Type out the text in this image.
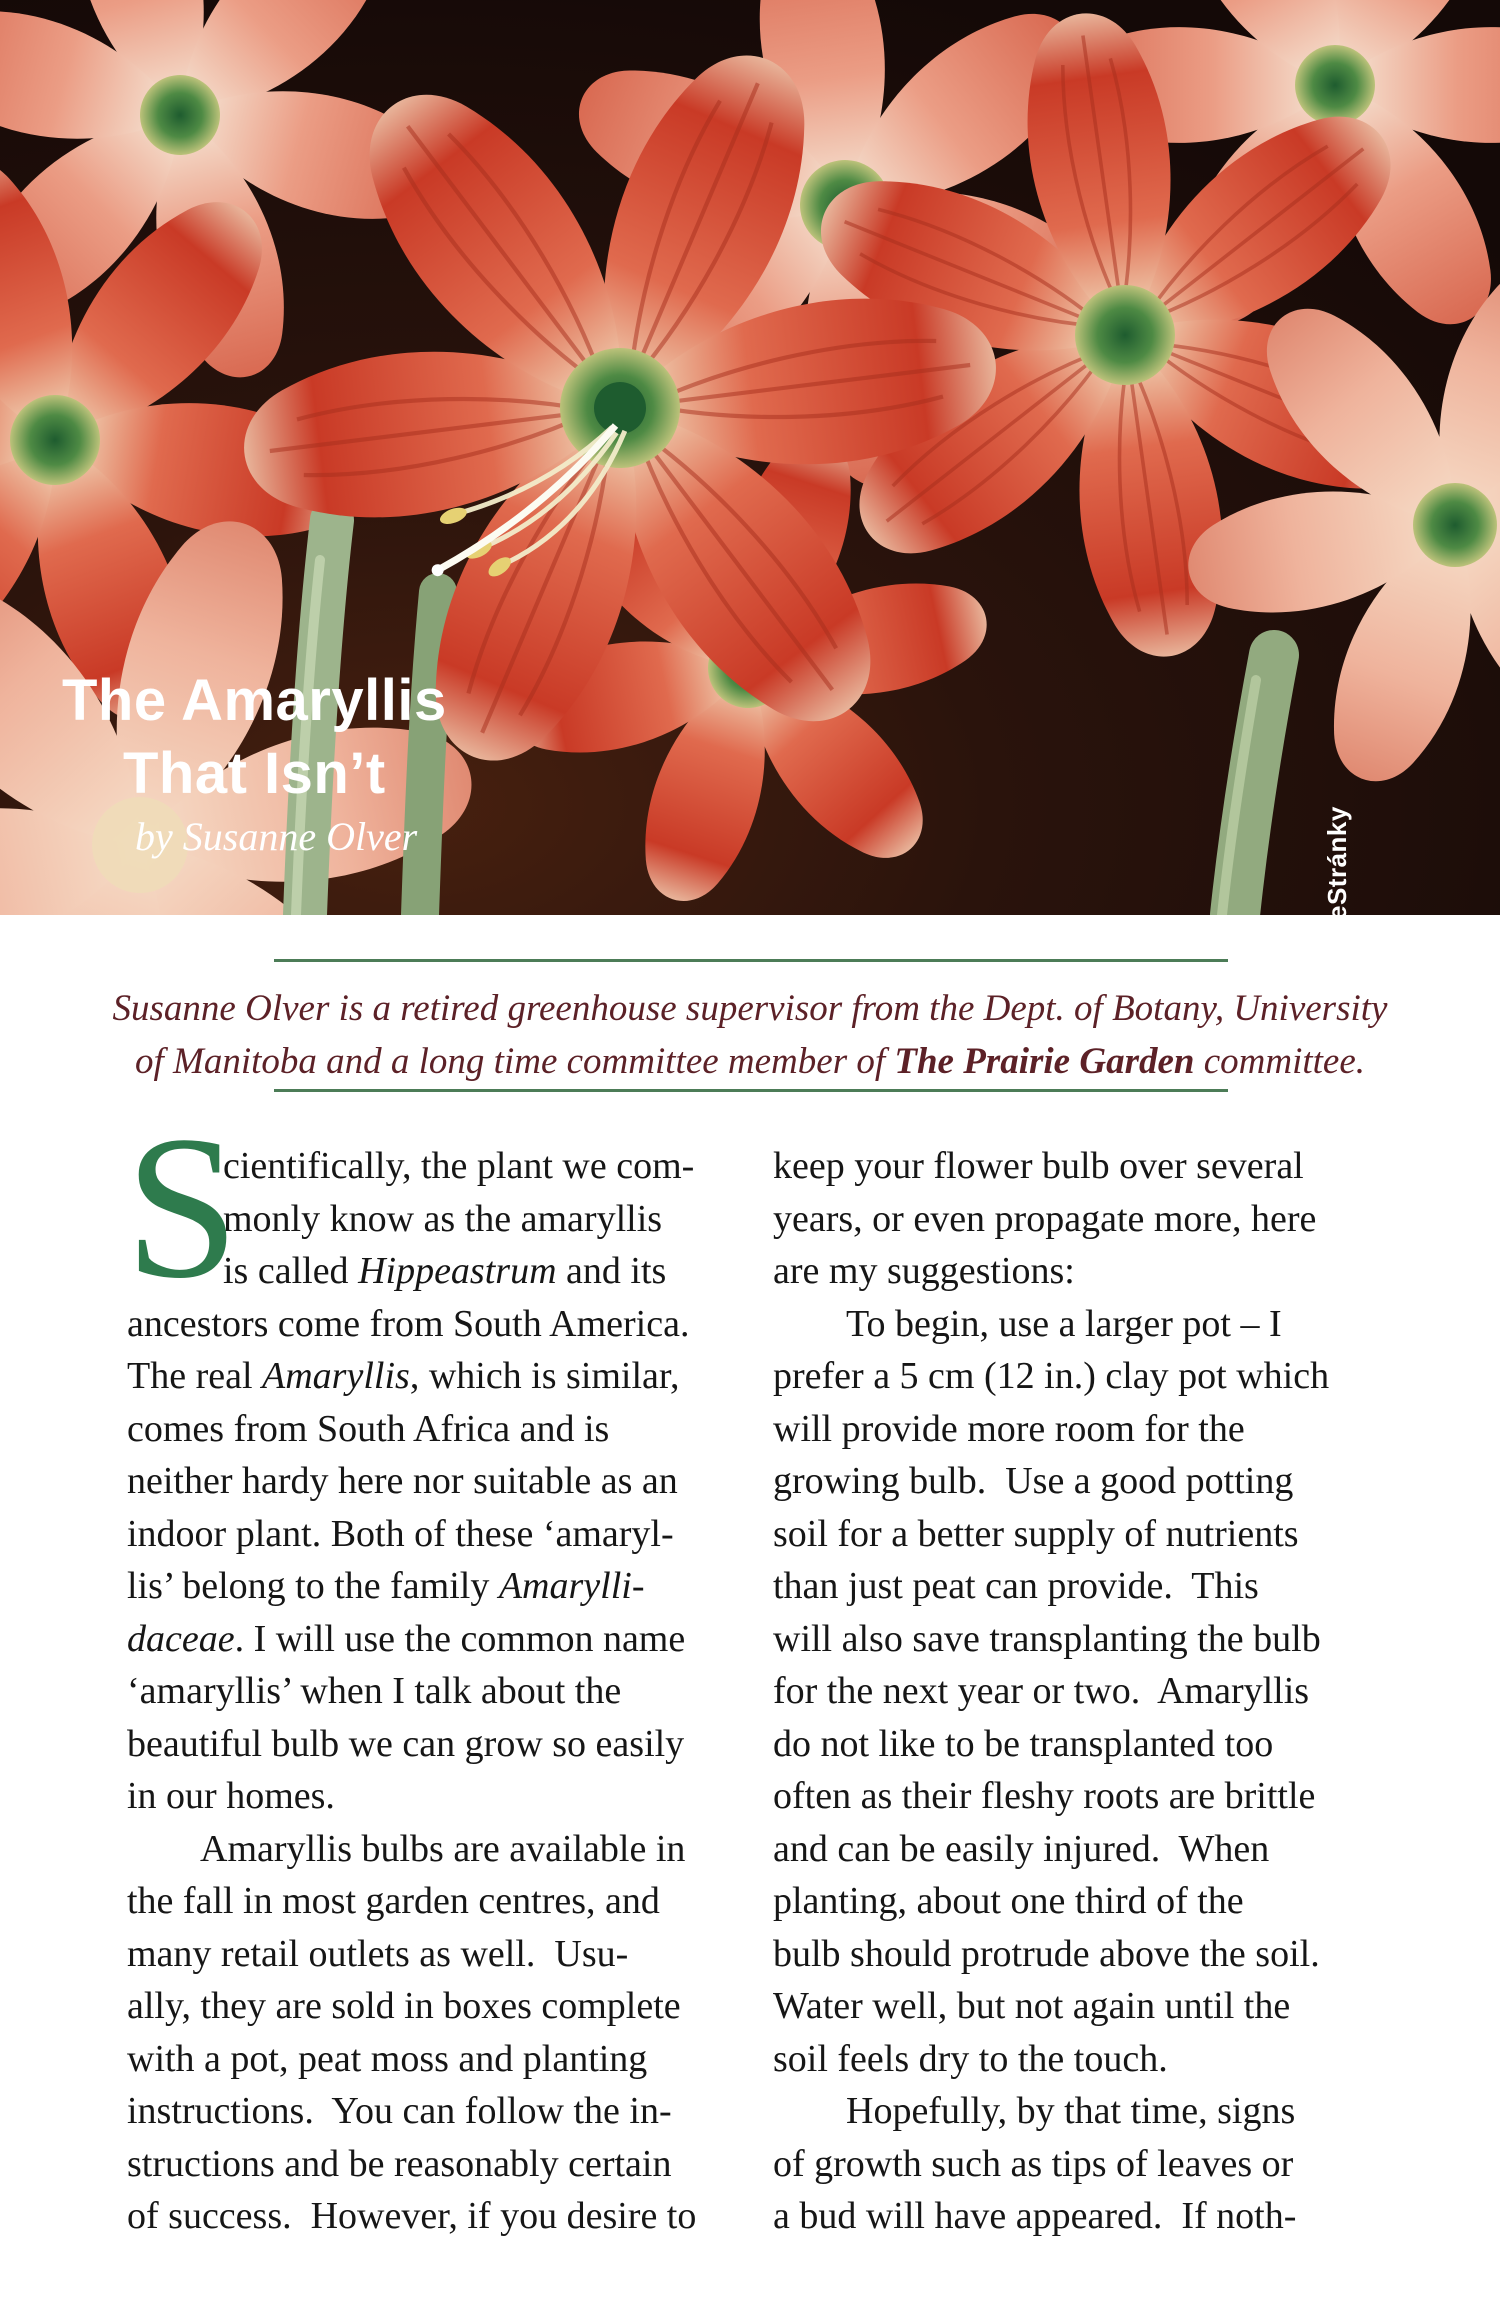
The Amaryllis
That Isn’t
by Susanne Olver	eStránky
Susanne Olver is a retired greenhouse supervisor from the Dept. of Botany, University
of Manitoba and a long time committee member of The Prairie Garden committee.
S
cientifically, the plant we com-
monly know as the amaryllis
is called Hippeastrum and its
ancestors come from South America.
The real Amaryllis, which is similar,
comes from South Africa and is
neither hardy here nor suitable as an
indoor plant. Both of these ‘amaryl-
lis’ belong to the family Amarylli-
daceae. I will use the common name
‘amaryllis’ when I talk about the
beautiful bulb we can grow so easily
in our homes.
Amaryllis bulbs are available in
the fall in most garden centres, and
many retail outlets as well.  Usu-
ally, they are sold in boxes complete
with a pot, peat moss and planting
instructions.  You can follow the in-
structions and be reasonably certain
of success.  However, if you desire to
keep your flower bulb over several
years, or even propagate more, here
are my suggestions:
To begin, use a larger pot – I
prefer a 5 cm (12 in.) clay pot which
will provide more room for the
growing bulb.  Use a good potting
soil for a better supply of nutrients
than just peat can provide.  This
will also save transplanting the bulb
for the next year or two.  Amaryllis
do not like to be transplanted too
often as their fleshy roots are brittle
and can be easily injured.  When
planting, about one third of the
bulb should protrude above the soil.
Water well, but not again until the
soil feels dry to the touch.
Hopefully, by that time, signs
of growth such as tips of leaves or
a bud will have appeared.  If noth-
